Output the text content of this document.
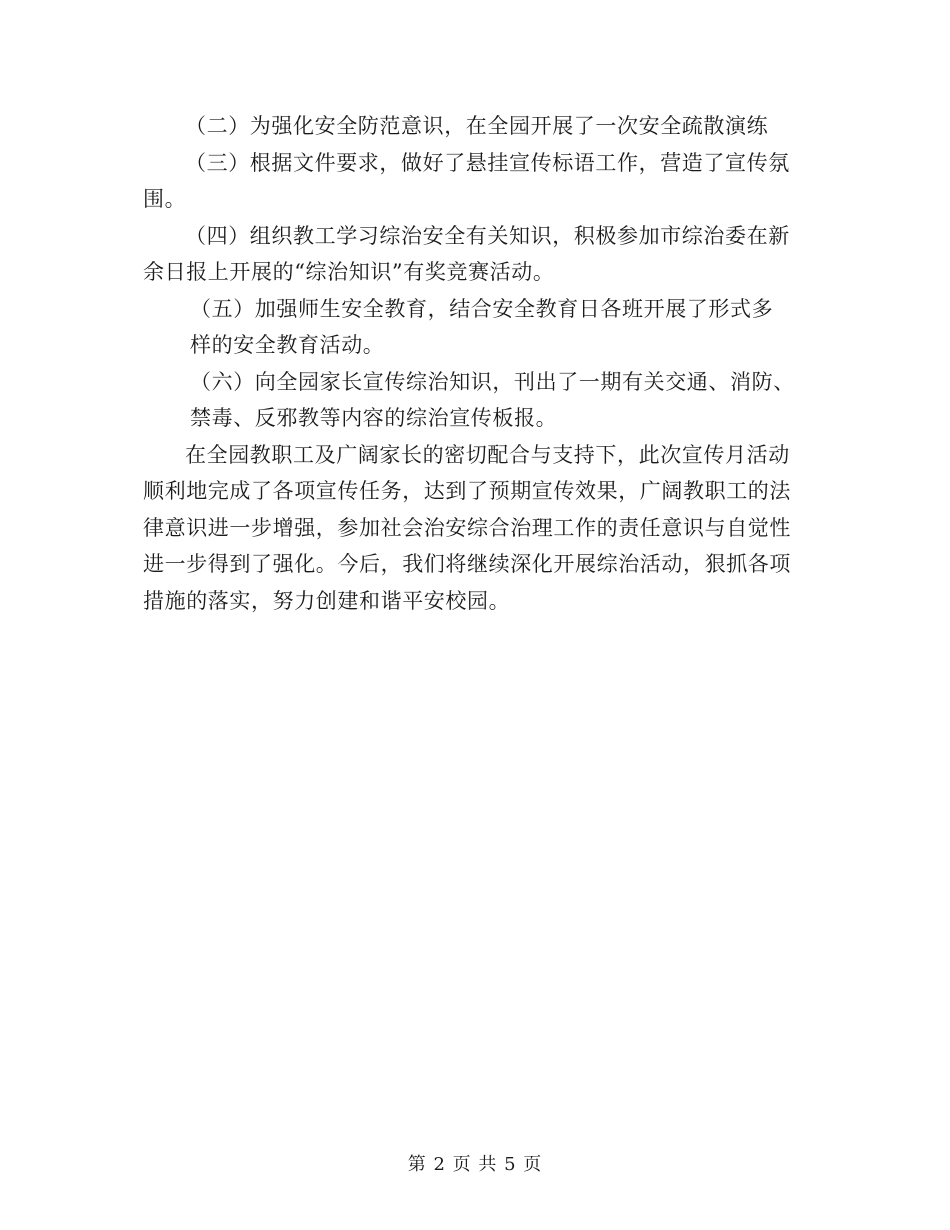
（二）为强化安全防范意识，在全园开展了一次安全疏散演练
（三）根据文件要求，做好了悬挂宣传标语工作，营造了宣传氛
围。
（四）组织教工学习综治安全有关知识，积极参加市综治委在新
余日报上开展的“综治知识”有奖竞赛活动。
（五）加强师生安全教育，结合安全教育日各班开展了形式多
样的安全教育活动。
（六）向全园家长宣传综治知识，刊出了一期有关交通、消防、
禁毒、反邪教等内容的综治宣传板报。
在全园教职工及广阔家长的密切配合与支持下，此次宣传月活动
顺利地完成了各项宣传任务，达到了预期宣传效果，广阔教职工的法
律意识进一步增强，参加社会治安综合治理工作的责任意识与自觉性
进一步得到了强化。今后，我们将继续深化开展综治活动，狠抓各项
措施的落实，努力创建和谐平安校园。
第 2 页 共 5 页
